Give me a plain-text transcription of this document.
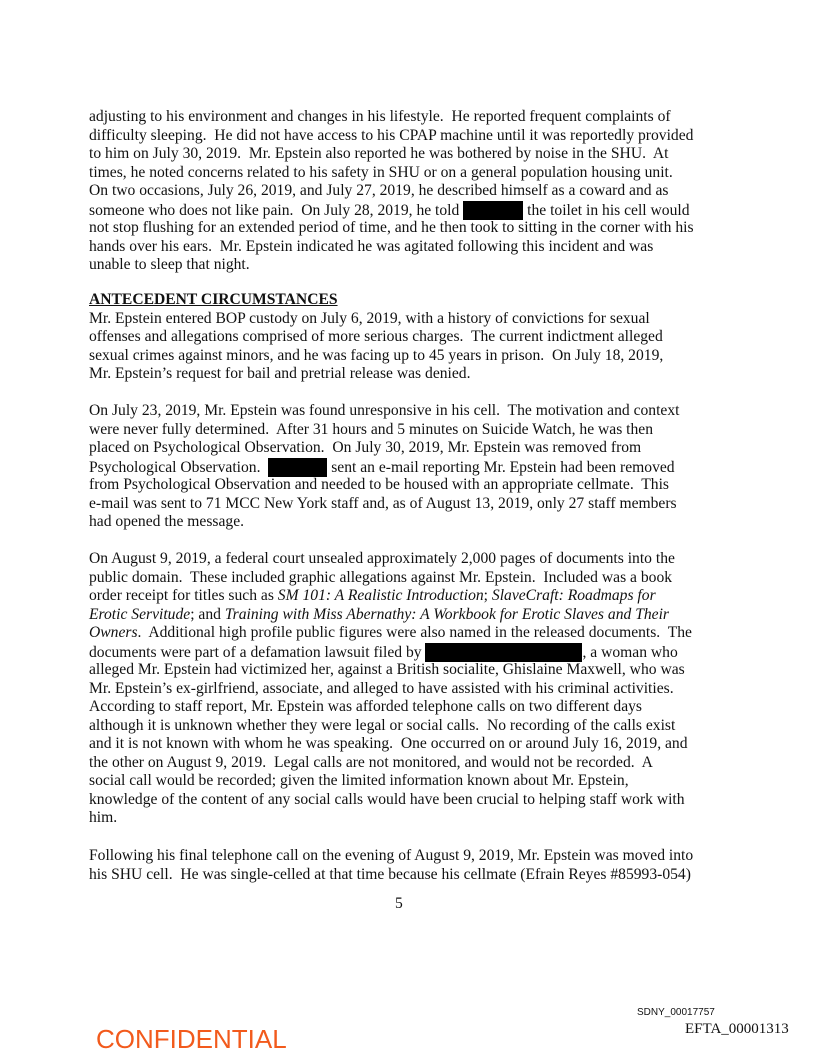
adjusting to his environment and changes in his lifestyle.  He reported frequent complaints of
difficulty sleeping.  He did not have access to his CPAP machine until it was reportedly provided
to him on July 30, 2019.  Mr. Epstein also reported he was bothered by noise in the SHU.  At
times, he noted concerns related to his safety in SHU or on a general population housing unit.
On two occasions, July 26, 2019, and July 27, 2019, he described himself as a coward and as
someone who does not like pain.  On July 28, 2019, he told	the toilet in his cell would
not stop flushing for an extended period of time, and he then took to sitting in the corner with his
hands over his ears.  Mr. Epstein indicated he was agitated following this incident and was
unable to sleep that night.
ANTECEDENT CIRCUMSTANCES
Mr. Epstein entered BOP custody on July 6, 2019, with a history of convictions for sexual
offenses and allegations comprised of more serious charges.  The current indictment alleged
sexual crimes against minors, and he was facing up to 45 years in prison.  On July 18, 2019,
Mr. Epstein’s request for bail and pretrial release was denied.
On July 23, 2019, Mr. Epstein was found unresponsive in his cell.  The motivation and context
were never fully determined.  After 31 hours and 5 minutes on Suicide Watch, he was then
placed on Psychological Observation.  On July 30, 2019, Mr. Epstein was removed from
Psychological Observation.	sent an e-mail reporting Mr. Epstein had been removed
from Psychological Observation and needed to be housed with an appropriate cellmate.  This
e-mail was sent to 71 MCC New York staff and, as of August 13, 2019, only 27 staff members
had opened the message.
On August 9, 2019, a federal court unsealed approximately 2,000 pages of documents into the
public domain.  These included graphic allegations against Mr. Epstein.  Included was a book
order receipt for titles such as SM 101: A Realistic Introduction; SlaveCraft: Roadmaps for
Erotic Servitude; and Training with Miss Abernathy: A Workbook for Erotic Slaves and Their
Owners.  Additional high profile public figures were also named in the released documents.  The
documents were part of a defamation lawsuit filed by	, a woman who
alleged Mr. Epstein had victimized her, against a British socialite, Ghislaine Maxwell, who was
Mr. Epstein’s ex-girlfriend, associate, and alleged to have assisted with his criminal activities.
According to staff report, Mr. Epstein was afforded telephone calls on two different days
although it is unknown whether they were legal or social calls.  No recording of the calls exist
and it is not known with whom he was speaking.  One occurred on or around July 16, 2019, and
the other on August 9, 2019.  Legal calls are not monitored, and would not be recorded.  A
social call would be recorded; given the limited information known about Mr. Epstein,
knowledge of the content of any social calls would have been crucial to helping staff work with
him.
Following his final telephone call on the evening of August 9, 2019, Mr. Epstein was moved into
his SHU cell.  He was single-celled at that time because his cellmate (Efrain Reyes #85993-054)
5
SDNY_00017757
EFTA_00001313
CONFIDENTIAL
